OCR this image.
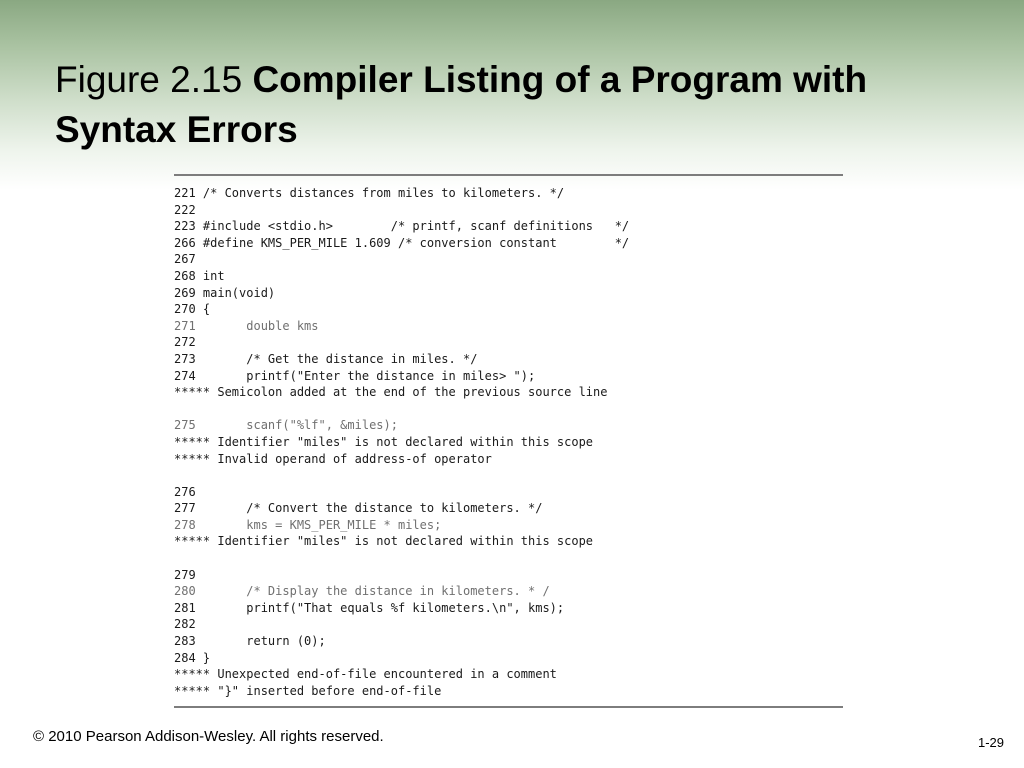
Figure 2.15 Compiler Listing of a Program with Syntax Errors
221 /* Converts distances from miles to kilometers. */
222
223 #include <stdio.h>        /* printf, scanf definitions   */
266 #define KMS_PER_MILE 1.609 /* conversion constant        */
267
268 int
269 main(void)
270 {
271       double kms
272
273       /* Get the distance in miles. */
274       printf("Enter the distance in miles> ");
***** Semicolon added at the end of the previous source line
275       scanf("%lf", &miles);
***** Identifier "miles" is not declared within this scope
***** Invalid operand of address-of operator
276
277       /* Convert the distance to kilometers. */
278       kms = KMS_PER_MILE * miles;
***** Identifier "miles" is not declared within this scope
279
280       /* Display the distance in kilometers. * /
281       printf("That equals %f kilometers.\n", kms);
282
283       return (0);
284 }
***** Unexpected end-of-file encountered in a comment
***** "}" inserted before end-of-file
© 2010 Pearson Addison-Wesley. All rights reserved.	1-29
